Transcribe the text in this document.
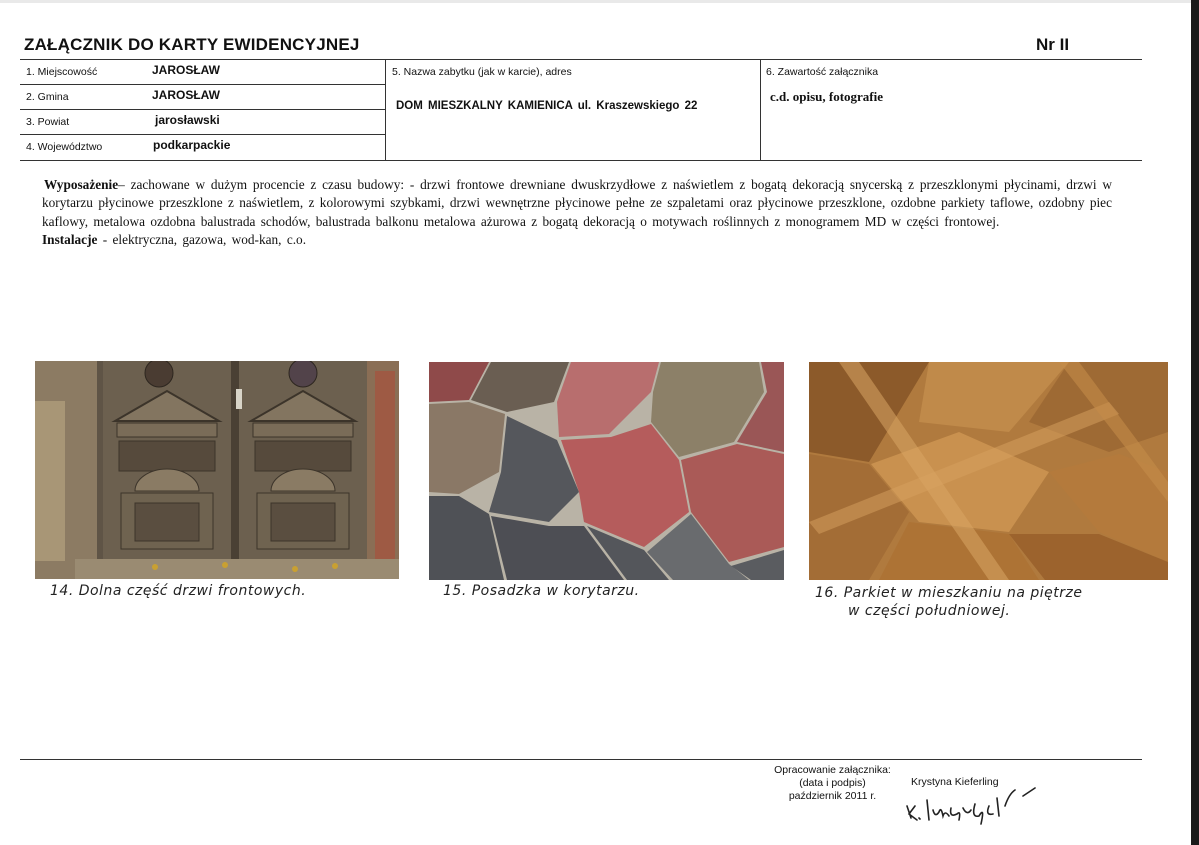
ZAŁĄCZNIK DO KARTY EWIDENCYJNEJ	Nr II
1. Miejscowość	JAROSŁAW
2. Gmina	JAROSŁAW
3. Powiat	jarosławski
4. Województwo	podkarpackie
5. Nazwa zabytku (jak w karcie), adres
DOM MIESZKALNY KAMIENICA ul. Kraszewskiego 22
6. Zawartość załącznika
c.d. opisu, fotografie
Wyposażenie– zachowane w dużym procencie z czasu budowy: - drzwi frontowe drewniane dwuskrzydłowe z naświetlem z bogatą dekoracją snycerską z przeszklonymi płycinami, drzwi w korytarzu płycinowe przeszklone z naświetlem, z kolorowymi szybkami, drzwi wewnętrzne płycinowe pełne ze szpaletami oraz płycinowe przeszklone, ozdobne parkiety taflowe, ozdobny piec kaflowy, metalowa ozdobna balustrada schodów, balustrada balkonu metalowa ażurowa z bogatą dekoracją o motywach roślinnych z monogramem MD w części frontowej.
Instalacje - elektryczna, gazowa, wod-kan, c.o.
14. Dolna część drzwi frontowych.	15. Posadzka w korytarzu.	16. Parkiet w mieszkaniu na piętrze
w części południowej.
Opracowanie załącznika:
(data i podpis)
październik 2011 r.
Krystyna Kieferling
